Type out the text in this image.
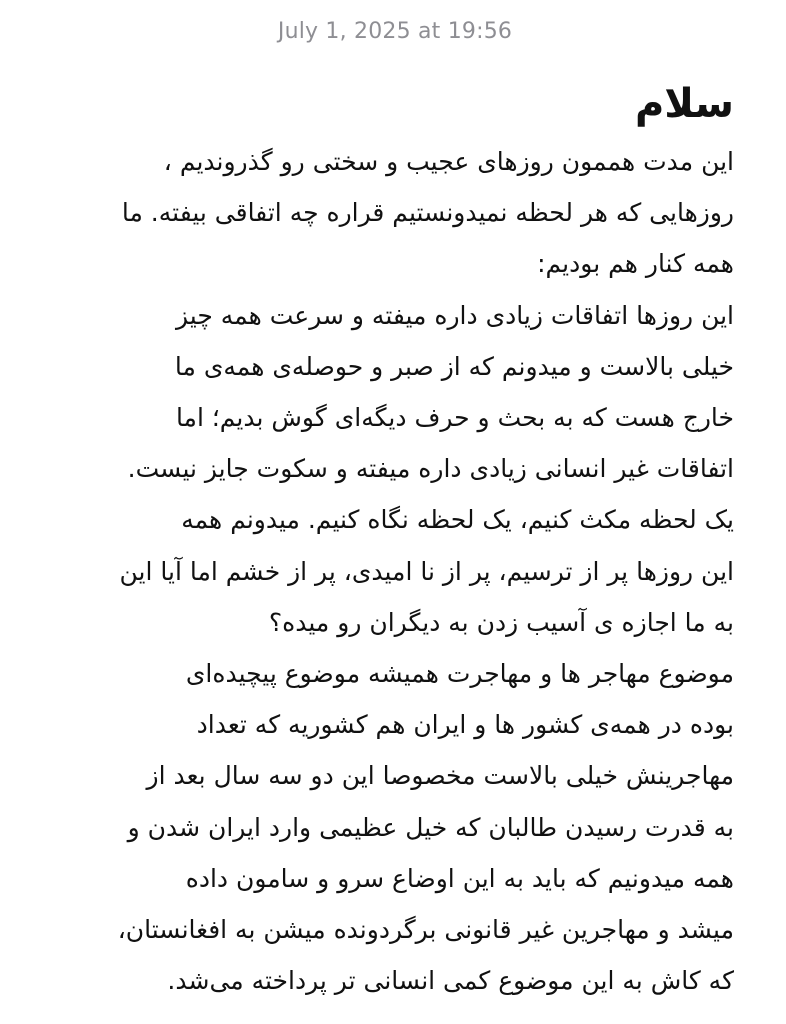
July 1, 2025 at 19:56
سلام
این مدت هممون روزهای عجیب و سختی رو گذروندیم ،
روزهایی که هر لحظه نمیدونستیم قراره چه اتفاقی بیفته. ما
همه کنار هم بودیم:
این روزها اتفاقات زیادی داره میفته و سرعت همه چیز
خیلی بالاست و میدونم که از صبر و حوصله‌ی همه‌ی ما
خارج هست که به بحث و حرف دیگه‌ای گوش بدیم؛ اما
اتفاقات غیر انسانی زیادی داره میفته و سکوت جایز نیست.
یک لحظه مکث کنیم، یک لحظه نگاه کنیم. میدونم همه
این روزها پر از ترسیم، پر از نا امیدی، پر از خشم اما آیا این
به ما اجازه ی آسیب زدن به دیگران رو میده؟
موضوع مهاجر ها و مهاجرت همیشه موضوع پیچیده‌ای
بوده در همه‌ی کشور ها و ایران هم کشوریه که تعداد
مهاجرینش خیلی بالاست مخصوصا این دو سه سال بعد از
به قدرت رسیدن طالبان که خیل عظیمی وارد ایران شدن و
همه میدونیم که باید به این اوضاع سرو و سامون داده
میشد و مهاجرین غیر قانونی برگردونده میشن به افغانستان،
که کاش به این موضوع کمی انسانی تر پرداخته می‌شد.
